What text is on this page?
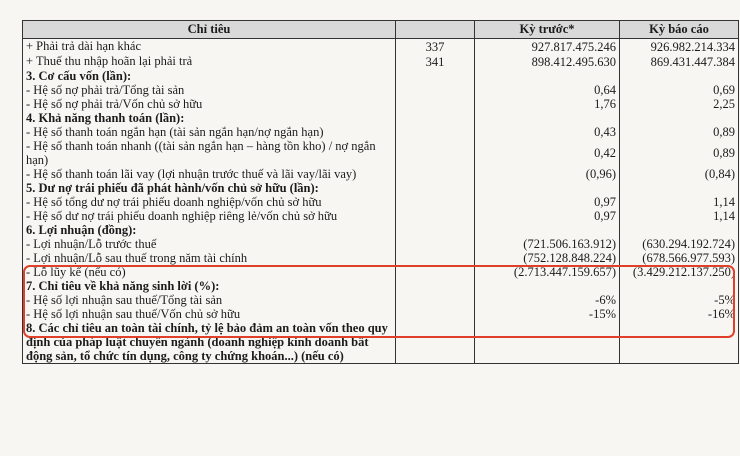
Chỉ tiêu		Kỳ trước*	Kỳ báo cáo
+ Phải trả dài hạn khác	337	927.817.475.246	926.982.214.334
+ Thuế thu nhập hoãn lại phải trả	341	898.412.495.630	869.431.447.384
3. Cơ cấu vốn (lần):			
- Hệ số nợ phải trả/Tổng tài sản		0,64	0,69
- Hệ số nợ phải trả/Vốn chủ sở hữu		1,76	2,25
4. Khả năng thanh toán (lần):			
- Hệ số thanh toán ngắn hạn (tài sản ngắn hạn/nợ ngắn hạn)		0,43	0,89
- Hệ số thanh toán nhanh ((tài sản ngắn hạn – hàng tồn kho) / nợ ngắn hạn)		0,42	0,89
- Hệ số thanh toán lãi vay (lợi nhuận trước thuế và lãi vay/lãi vay)		(0,96)	(0,84)
5. Dư nợ trái phiếu đã phát hành/vốn chủ sở hữu (lần):			
- Hệ số tổng dư nợ trái phiếu doanh nghiệp/vốn chủ sở hữu		0,97	1,14
- Hệ số dư nợ trái phiếu doanh nghiệp riêng lẻ/vốn chủ sở hữu		0,97	1,14
6. Lợi nhuận (đồng):			
- Lợi nhuận/Lỗ trước thuế		(721.506.163.912)	(630.294.192.724)
- Lợi nhuận/Lỗ sau thuế trong năm tài chính		(752.128.848.224)	(678.566.977.593)
- Lỗ lũy kế (nếu có)		(2.713.447.159.657)	(3.429.212.137.250)
7. Chỉ tiêu về khả năng sinh lời (%):			
- Hệ số lợi nhuận sau thuế/Tổng tài sản		-6%	-5%
- Hệ số lợi nhuận sau thuế/Vốn chủ sở hữu		-15%	-16%
8. Các chỉ tiêu an toàn tài chính, tỷ lệ bảo đảm an toàn vốn theo quy định của pháp luật chuyên ngành (doanh nghiệp kinh doanh bất động sản, tổ chức tín dụng, công ty chứng khoán...) (nếu có)			
